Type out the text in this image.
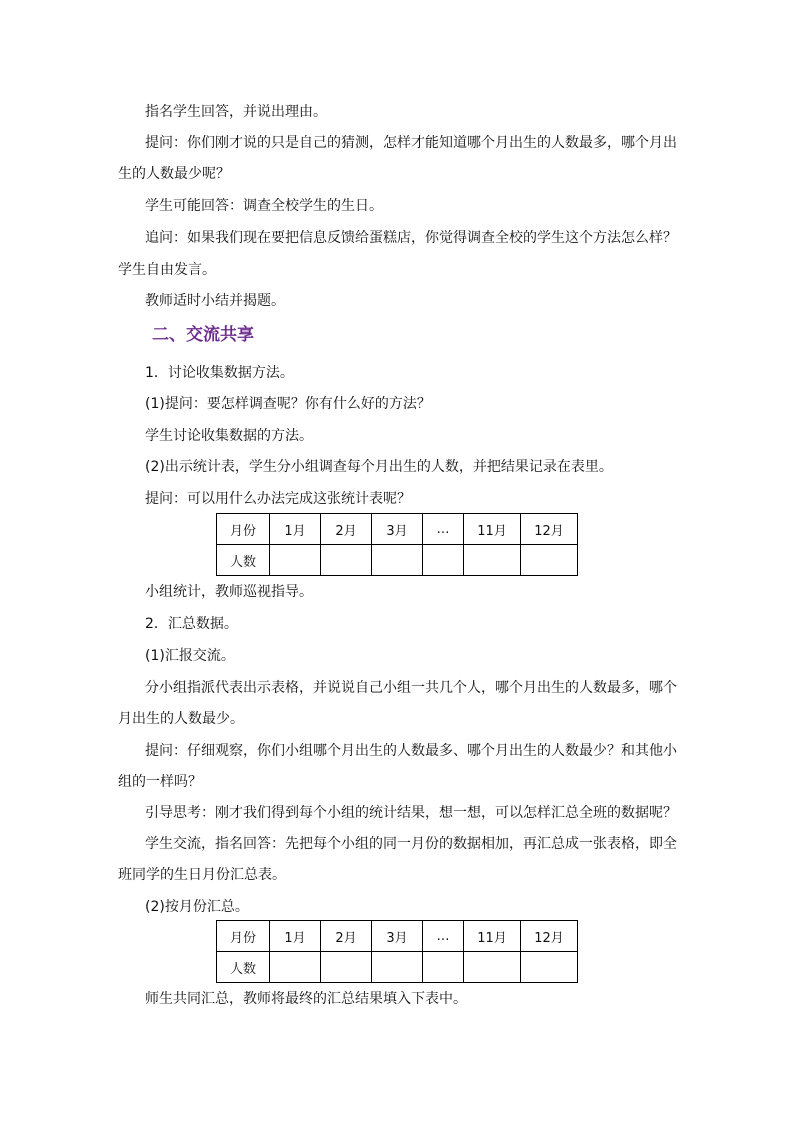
指名学生回答，并说出理由。
提问：你们刚才说的只是自己的猜测，怎样才能知道哪个月出生的人数最多，哪个月出
生的人数最少呢？
学生可能回答：调查全校学生的生日。
追问：如果我们现在要把信息反馈给蛋糕店，你觉得调查全校的学生这个方法怎么样？
学生自由发言。
教师适时小结并揭题。
二、交流共享
1．讨论收集数据方法。
(1)提问：要怎样调查呢？你有什么好的方法？
学生讨论收集数据的方法。
(2)出示统计表，学生分小组调查每个月出生的人数，并把结果记录在表里。
提问：可以用什么办法完成这张统计表呢？
月份	1月	2月	3月	…	11月	12月
人数						
小组统计，教师巡视指导。
2．汇总数据。
(1)汇报交流。
分小组指派代表出示表格，并说说自己小组一共几个人，哪个月出生的人数最多，哪个
月出生的人数最少。
提问：仔细观察，你们小组哪个月出生的人数最多、哪个月出生的人数最少？和其他小
组的一样吗？
引导思考：刚才我们得到每个小组的统计结果，想一想，可以怎样汇总全班的数据呢？
学生交流，指名回答：先把每个小组的同一月份的数据相加，再汇总成一张表格，即全
班同学的生日月份汇总表。
(2)按月份汇总。
月份	1月	2月	3月	…	11月	12月
人数						
师生共同汇总，教师将最终的汇总结果填入下表中。
